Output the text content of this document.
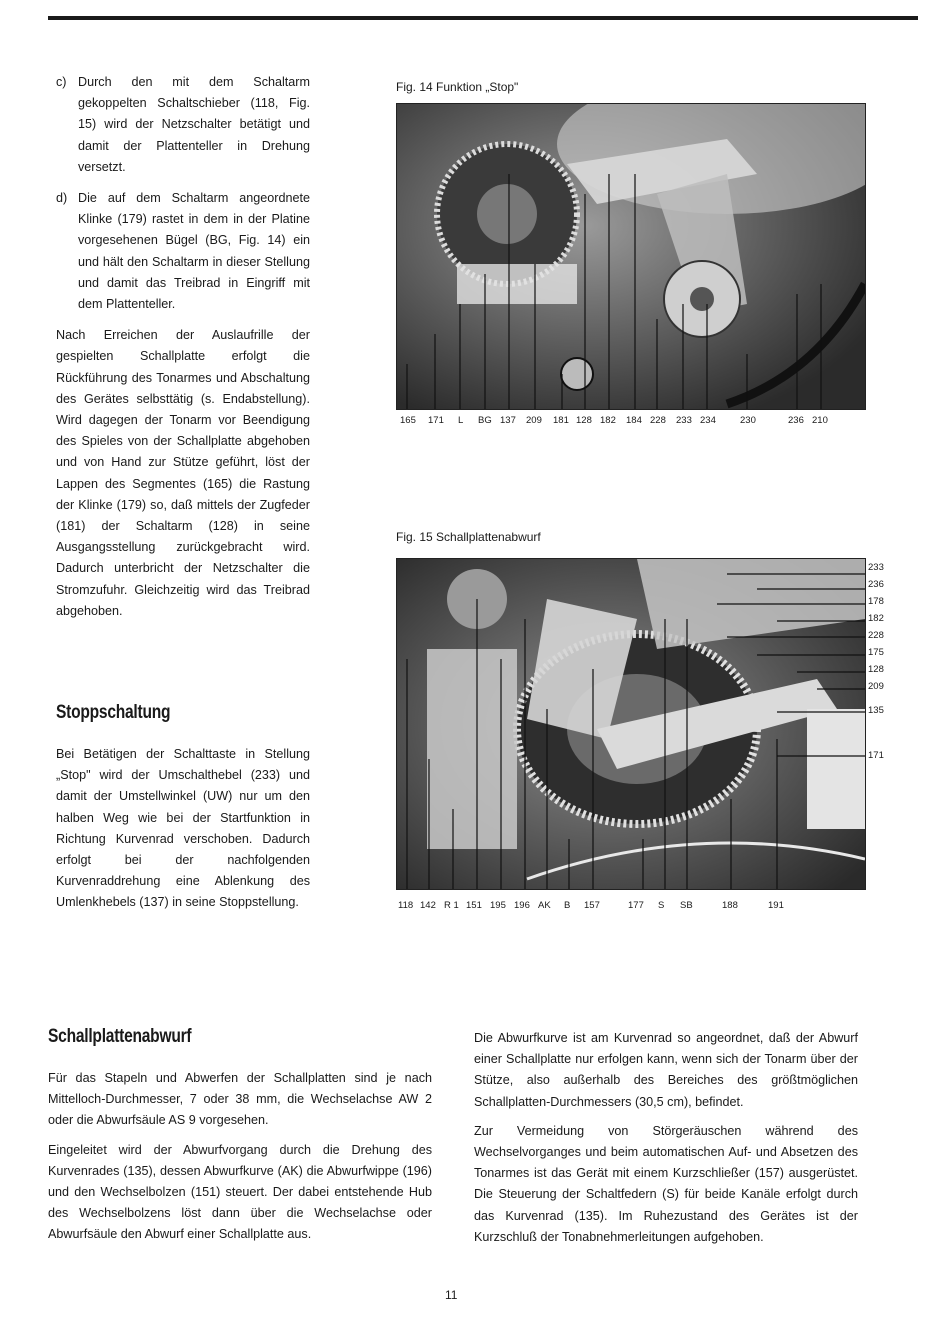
c) Durch den mit dem Schaltarm gekoppelten Schaltschieber (118, Fig. 15) wird der Netzschalter betätigt und damit der Plattenteller in Drehung versetzt.
d) Die auf dem Schaltarm angeordnete Klinke (179) rastet in dem in der Platine vorgesehenen Bügel (BG, Fig. 14) ein und hält den Schaltarm in dieser Stellung und damit das Treibrad in Eingriff mit dem Plattenteller.

Nach Erreichen der Auslaufrille der gespielten Schallplatte erfolgt die Rückführung des Tonarmes und Abschaltung des Gerätes selbsttätig (s. Endabstellung). Wird dagegen der Tonarm vor Beendigung des Spieles von der Schallplatte abgehoben und von Hand zur Stütze geführt, löst der Lappen des Segmentes (165) die Rastung der Klinke (179) so, daß mittels der Zugfeder (181) der Schaltarm (128) in seine Ausgangsstellung zurückgebracht wird. Dadurch unterbricht der Netzschalter die Stromzufuhr. Gleichzeitig wird das Treibrad abgehoben.

Stoppschaltung

Bei Betätigen der Schalttaste in Stellung „Stop" wird der Umschalthebel (233) und damit der Umstellwinkel (UW) nur um den halben Weg wie bei der Startfunktion in Richtung Kurvenrad verschoben. Dadurch erfolgt bei der nachfolgenden Kurvenraddrehung eine Ablenkung des Umlenkhebels (137) in seine Stoppstellung.

Fig. 14 Funktion „Stop"
165 171 L BG 137 209 181 128 182 184 228 233 234	230	236 210
Fig. 15 Schallplattenabwurf
233
236
178
182
228
175
128
209
135
171
118 142 R 1 151 195 196 AK B 157	177 S SB	188	191
Schallplattenabwurf

Für das Stapeln und Abwerfen der Schallplatten sind je nach Mittelloch-Durchmesser, 7 oder 38 mm, die Wechselachse AW 2 oder die Abwurfsäule AS 9 vorgesehen.

Eingeleitet wird der Abwurfvorgang durch die Drehung des Kurvenrades (135), dessen Abwurfkurve (AK) die Abwurfwippe (196) und den Wechselbolzen (151) steuert. Der dabei entstehende Hub des Wechselbolzens löst dann über die Wechselachse oder Abwurfsäule den Abwurf einer Schallplatte aus.

Die Abwurfkurve ist am Kurvenrad so angeordnet, daß der Abwurf einer Schallplatte nur erfolgen kann, wenn sich der Tonarm über der Stütze, also außerhalb des Bereiches des größtmöglichen Schallplatten-Durchmessers (30,5 cm), befindet.

Zur Vermeidung von Störgeräuschen während des Wechselvorganges und beim automatischen Auf- und Absetzen des Tonarmes ist das Gerät mit einem Kurzschließer (157) ausgerüstet. Die Steuerung der Schaltfedern (S) für beide Kanäle erfolgt durch das Kurvenrad (135). Im Ruhezustand des Gerätes ist der Kurzschluß der Tonabnehmerleitungen aufgehoben.

11
